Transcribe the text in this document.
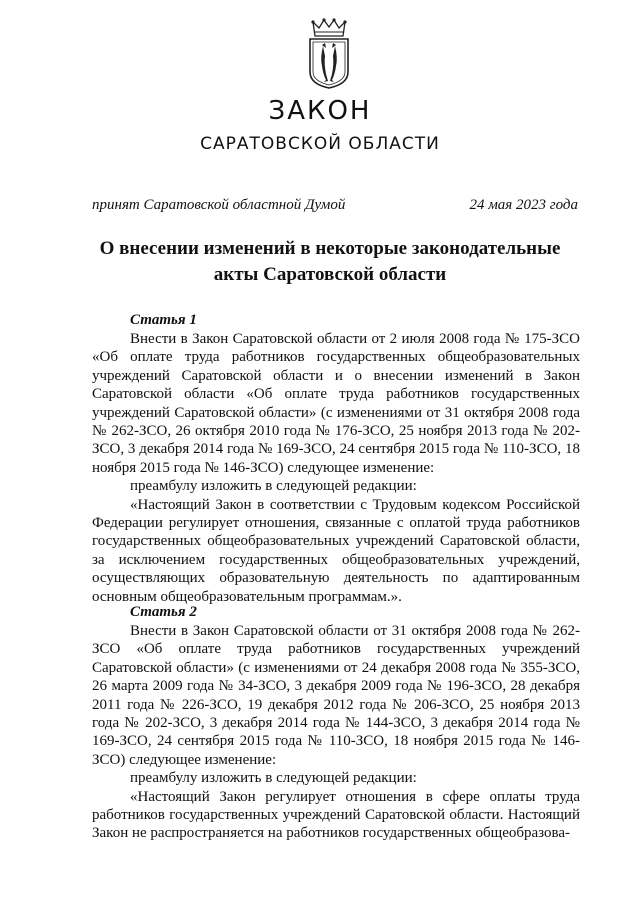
ЗАКОН
САРАТОВСКОЙ ОБЛАСТИ
принят Саратовской областной Думой	24 мая 2023 года
О внесении изменений в некоторые законодательные акты Саратовской области
Статья 1

Внести в Закон Саратовской области от 2 июля 2008 года № 175-ЗСО «Об оплате труда работников государственных общеобразовательных учреждений Саратовской области и о внесении изменений в Закон Саратовской области «Об оплате труда работников государственных учреждений Саратовской области» (с изменениями от 31 октября 2008 года № 262-ЗСО, 26 октября 2010 года № 176-ЗСО, 25 ноября 2013 года № 202-ЗСО, 3 декабря 2014 года № 169-ЗСО, 24 сентября 2015 года № 110-ЗСО, 18 ноября 2015 года № 146-ЗСО) следующее изменение:

преамбулу изложить в следующей редакции:

«Настоящий Закон в соответствии с Трудовым кодексом Российской Федерации регулирует отношения, связанные с оплатой труда работников государственных общеобразовательных учреждений Саратовской области, за исключением государственных общеобразовательных учреждений, осуществляющих образовательную деятельность по адаптированным основным общеобразовательным программам.».

Статья 2

Внести в Закон Саратовской области от 31 октября 2008 года № 262-ЗСО «Об оплате труда работников государственных учреждений Саратовской области» (с изменениями от 24 декабря 2008 года № 355-ЗСО, 26 марта 2009 года № 34-ЗСО, 3 декабря 2009 года № 196-ЗСО, 28 декабря 2011 года № 226-ЗСО, 19 декабря 2012 года № 206-ЗСО, 25 ноября 2013 года № 202-ЗСО, 3 декабря 2014 года № 144-ЗСО, 3 декабря 2014 года № 169-ЗСО, 24 сентября 2015 года № 110-ЗСО, 18 ноября 2015 года № 146-ЗСО) следующее изменение:

преамбулу изложить в следующей редакции:

«Настоящий Закон регулирует отношения в сфере оплаты труда работников государственных учреждений Саратовской области. Настоящий Закон не распространяется на работников государственных общеобразова-
